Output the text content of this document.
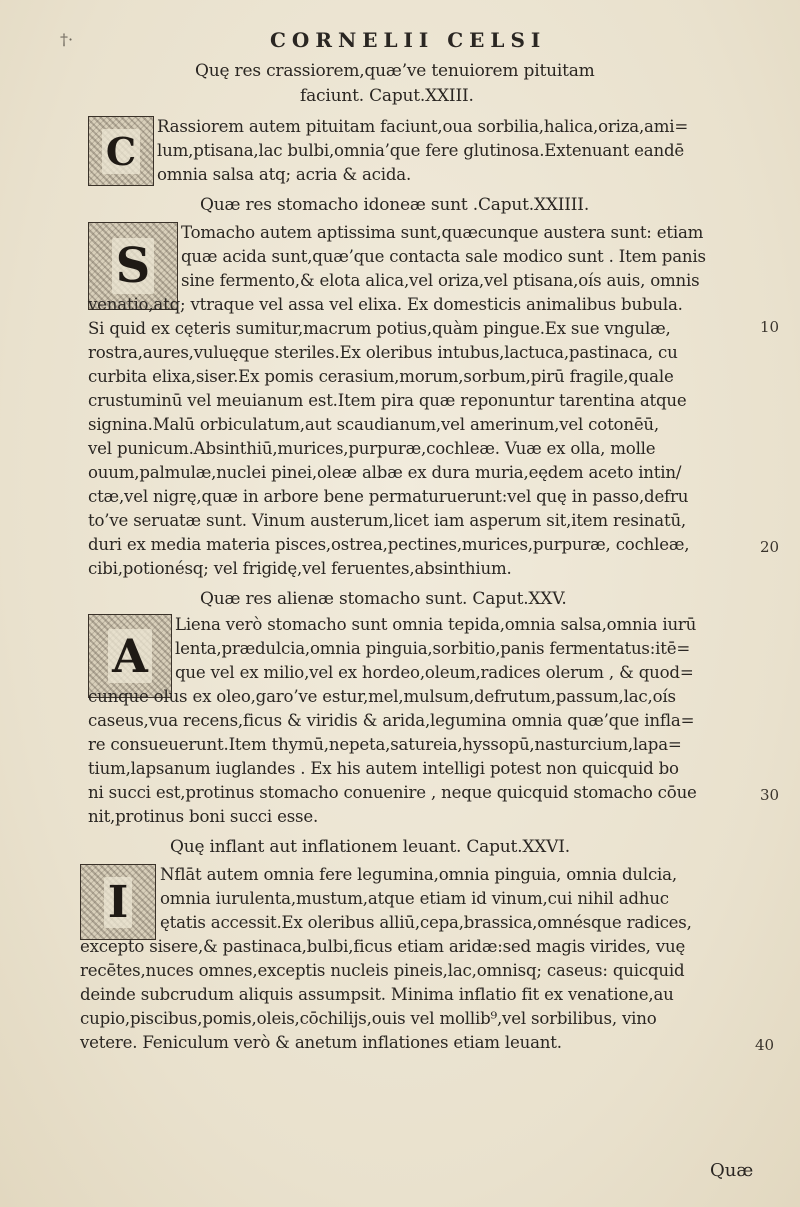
†·	CORNELII CELSI
Quę res crassiorem,quæ’ve tenuiorem pituitam
faciunt. Caput.XXIII.
C
Rassiorem autem pituitam faciunt,oua sorbilia,halica,oriza,ami=
lum,ptisana,lac bulbi,omnia’que fere glutinosa.Extenuant eandē
omnia salsa atq; acria & acida.
Quæ res stomacho idoneæ sunt .Caput.XXIIII.
S
Tomacho autem aptissima sunt,quæcunque austera sunt: etiam
quæ acida sunt,quæ’que contacta sale modico sunt . Item panis
sine fermento,& elota alica,vel oriza,vel ptisana,oís auis, omnis
venatio,atq; vtraque vel assa vel elixa. Ex domesticis animalibus bubula.
10
Si quid ex cęteris sumitur,macrum potius,quàm pingue.Ex sue vngulæ,
rostra,aures,vuluęque steriles.Ex oleribus intubus,lactuca,pastinaca, cu
curbita elixa,siser.Ex pomis cerasium,morum,sorbum,pirū fragile,quale
crustuminū vel meuianum est.Item pira quæ reponuntur tarentina atque
signina.Malū orbiculatum,aut scaudianum,vel amerinum,vel cotonēū,
vel punicum.Absinthiū,murices,purpuræ,cochleæ. Vuæ ex olla, molle
ouum,palmulæ,nuclei pinei,oleæ albæ ex dura muria,eędem aceto intin/
ctæ,vel nigrę,quæ in arbore bene permaturuerunt:vel quę in passo,defru
to’ve seruatæ sunt. Vinum austerum,licet iam asperum sit,item resinatū,
duri ex media materia pisces,ostrea,pectines,murices,purpuræ, cochleæ,	20
cibi,potionésq; vel frigidę,vel feruentes,absinthium.
Quæ res alienæ stomacho sunt. Caput.XXV.
A
Liena verò stomacho sunt omnia tepida,omnia salsa,omnia iurū
lenta,prædulcia,omnia pinguia,sorbitio,panis fermentatus:itē=
que vel ex milio,vel ex hordeo,oleum,radices olerum , & quod=
cunque olus ex oleo,garo’ve estur,mel,mulsum,defrutum,passum,lac,oís
caseus,vua recens,ficus & viridis & arida,legumina omnia quæ’que infla=
re consueuerunt.Item thymū,nepeta,satureia,hyssopū,nasturcium,lapa=
tium,lapsanum iuglandes . Ex his autem intelligi potest non quicquid bo
ni succi est,protinus stomacho conuenire , neque quicquid stomacho cōue	30
nit,protinus boni succi esse.
Quę inflant aut inflationem leuant. Caput.XXVI.
I
Nflāt autem omnia fere legumina,omnia pinguia, omnia dulcia,
omnia iurulenta,mustum,atque etiam id vinum,cui nihil adhuc
ętatis accessit.Ex oleribus alliū,cepa,brassica,omnésque radices,
excepto sisere,& pastinaca,bulbi,ficus etiam aridæ:sed magis virides, vuę
recētes,nuces omnes,exceptis nucleis pineis,lac,omnisq; caseus: quicquid
deinde subcrudum aliquis assumpsit. Minima inflatio fit ex venatione,au
cupio,piscibus,pomis,oleis,cōchilijs,ouis vel mollib⁹,vel sorbilibus, vino
vetere. Feniculum verò & anetum inflationes etiam leuant.	40
Quæ
